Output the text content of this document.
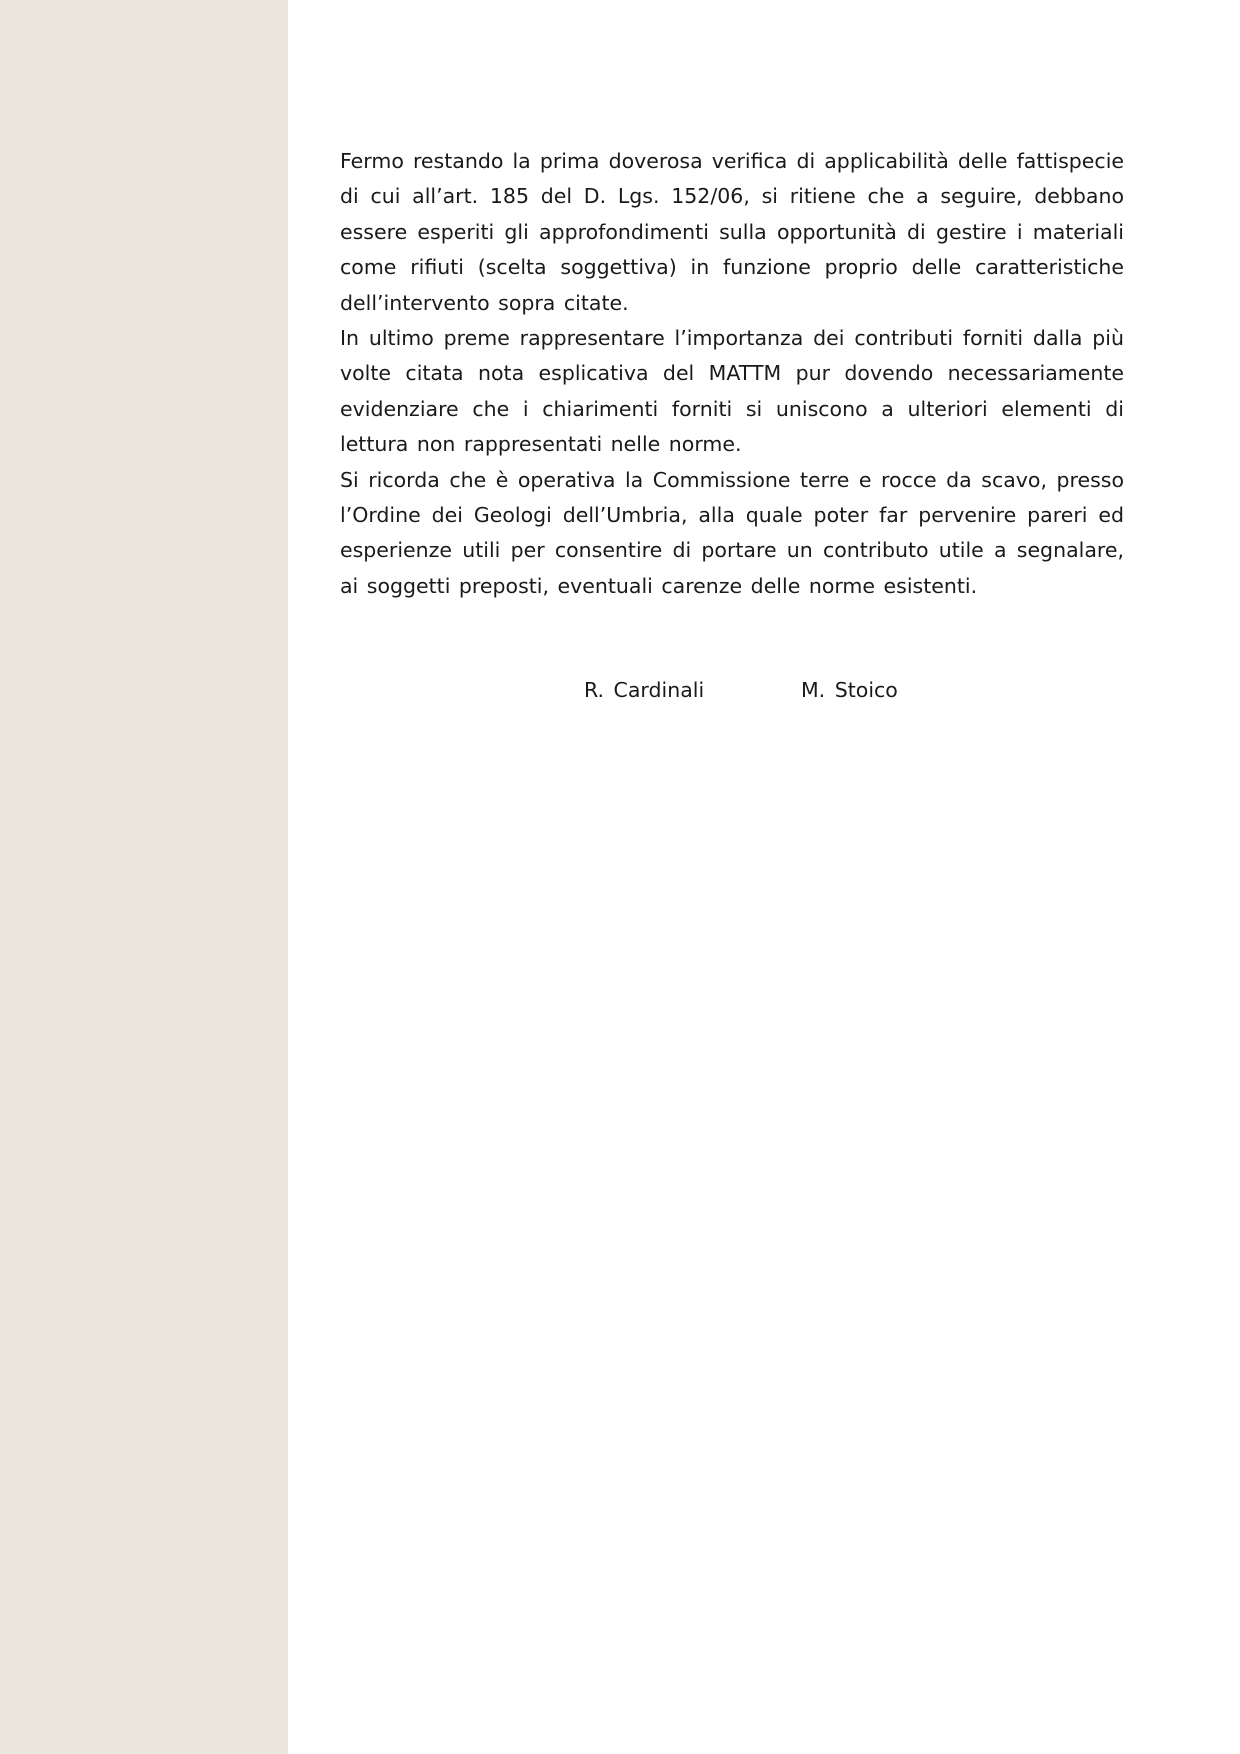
Fermo restando la prima doverosa verifica di applicabilità delle fattispecie di cui all’art. 185 del D. Lgs. 152/06, si ritiene che a seguire, debbano essere esperiti gli approfondimenti sulla opportunità di gestire i materiali come rifiuti (scelta soggettiva) in funzione proprio delle caratteristiche dell’intervento sopra citate.

In ultimo preme rappresentare l’importanza dei contributi forniti dalla più volte citata nota esplicativa del MATTM pur dovendo necessariamente evidenziare che i chiarimenti forniti si uniscono a ulteriori elementi di lettura non rappresentati nelle norme.

Si ricorda che è operativa la Commissione terre e rocce da scavo, presso l’Ordine dei Geologi dell’Umbria, alla quale poter far pervenire pareri ed esperienze utili per consentire di portare un contributo utile a segnalare, ai soggetti preposti, eventuali carenze delle norme esistenti.

R. Cardinali	M. Stoico
